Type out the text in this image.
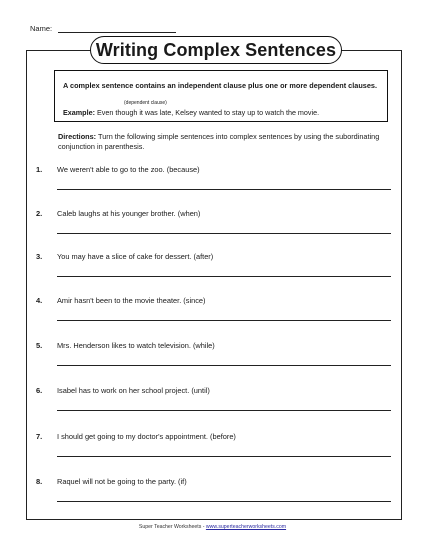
Name:
Writing Complex Sentences
A complex sentence contains an independent clause plus one or more dependent clauses.
(dependent clause)
Example: Even though it was late, Kelsey wanted to stay up to watch the movie.
Directions: Turn the following simple sentences into complex sentences by using the subordinating conjunction in parenthesis.
1. We weren't able to go to the zoo. (because)
2. Caleb laughs at his younger brother. (when)
3. You may have a slice of cake for dessert. (after)
4. Amir hasn't been to the movie theater. (since)
5. Mrs. Henderson likes to watch television. (while)
6. Isabel has to work on her school project. (until)
7. I should get going to my doctor's appointment. (before)
8. Raquel will not be going to the party. (if)
Super Teacher Worksheets - www.superteacherworksheets.com
